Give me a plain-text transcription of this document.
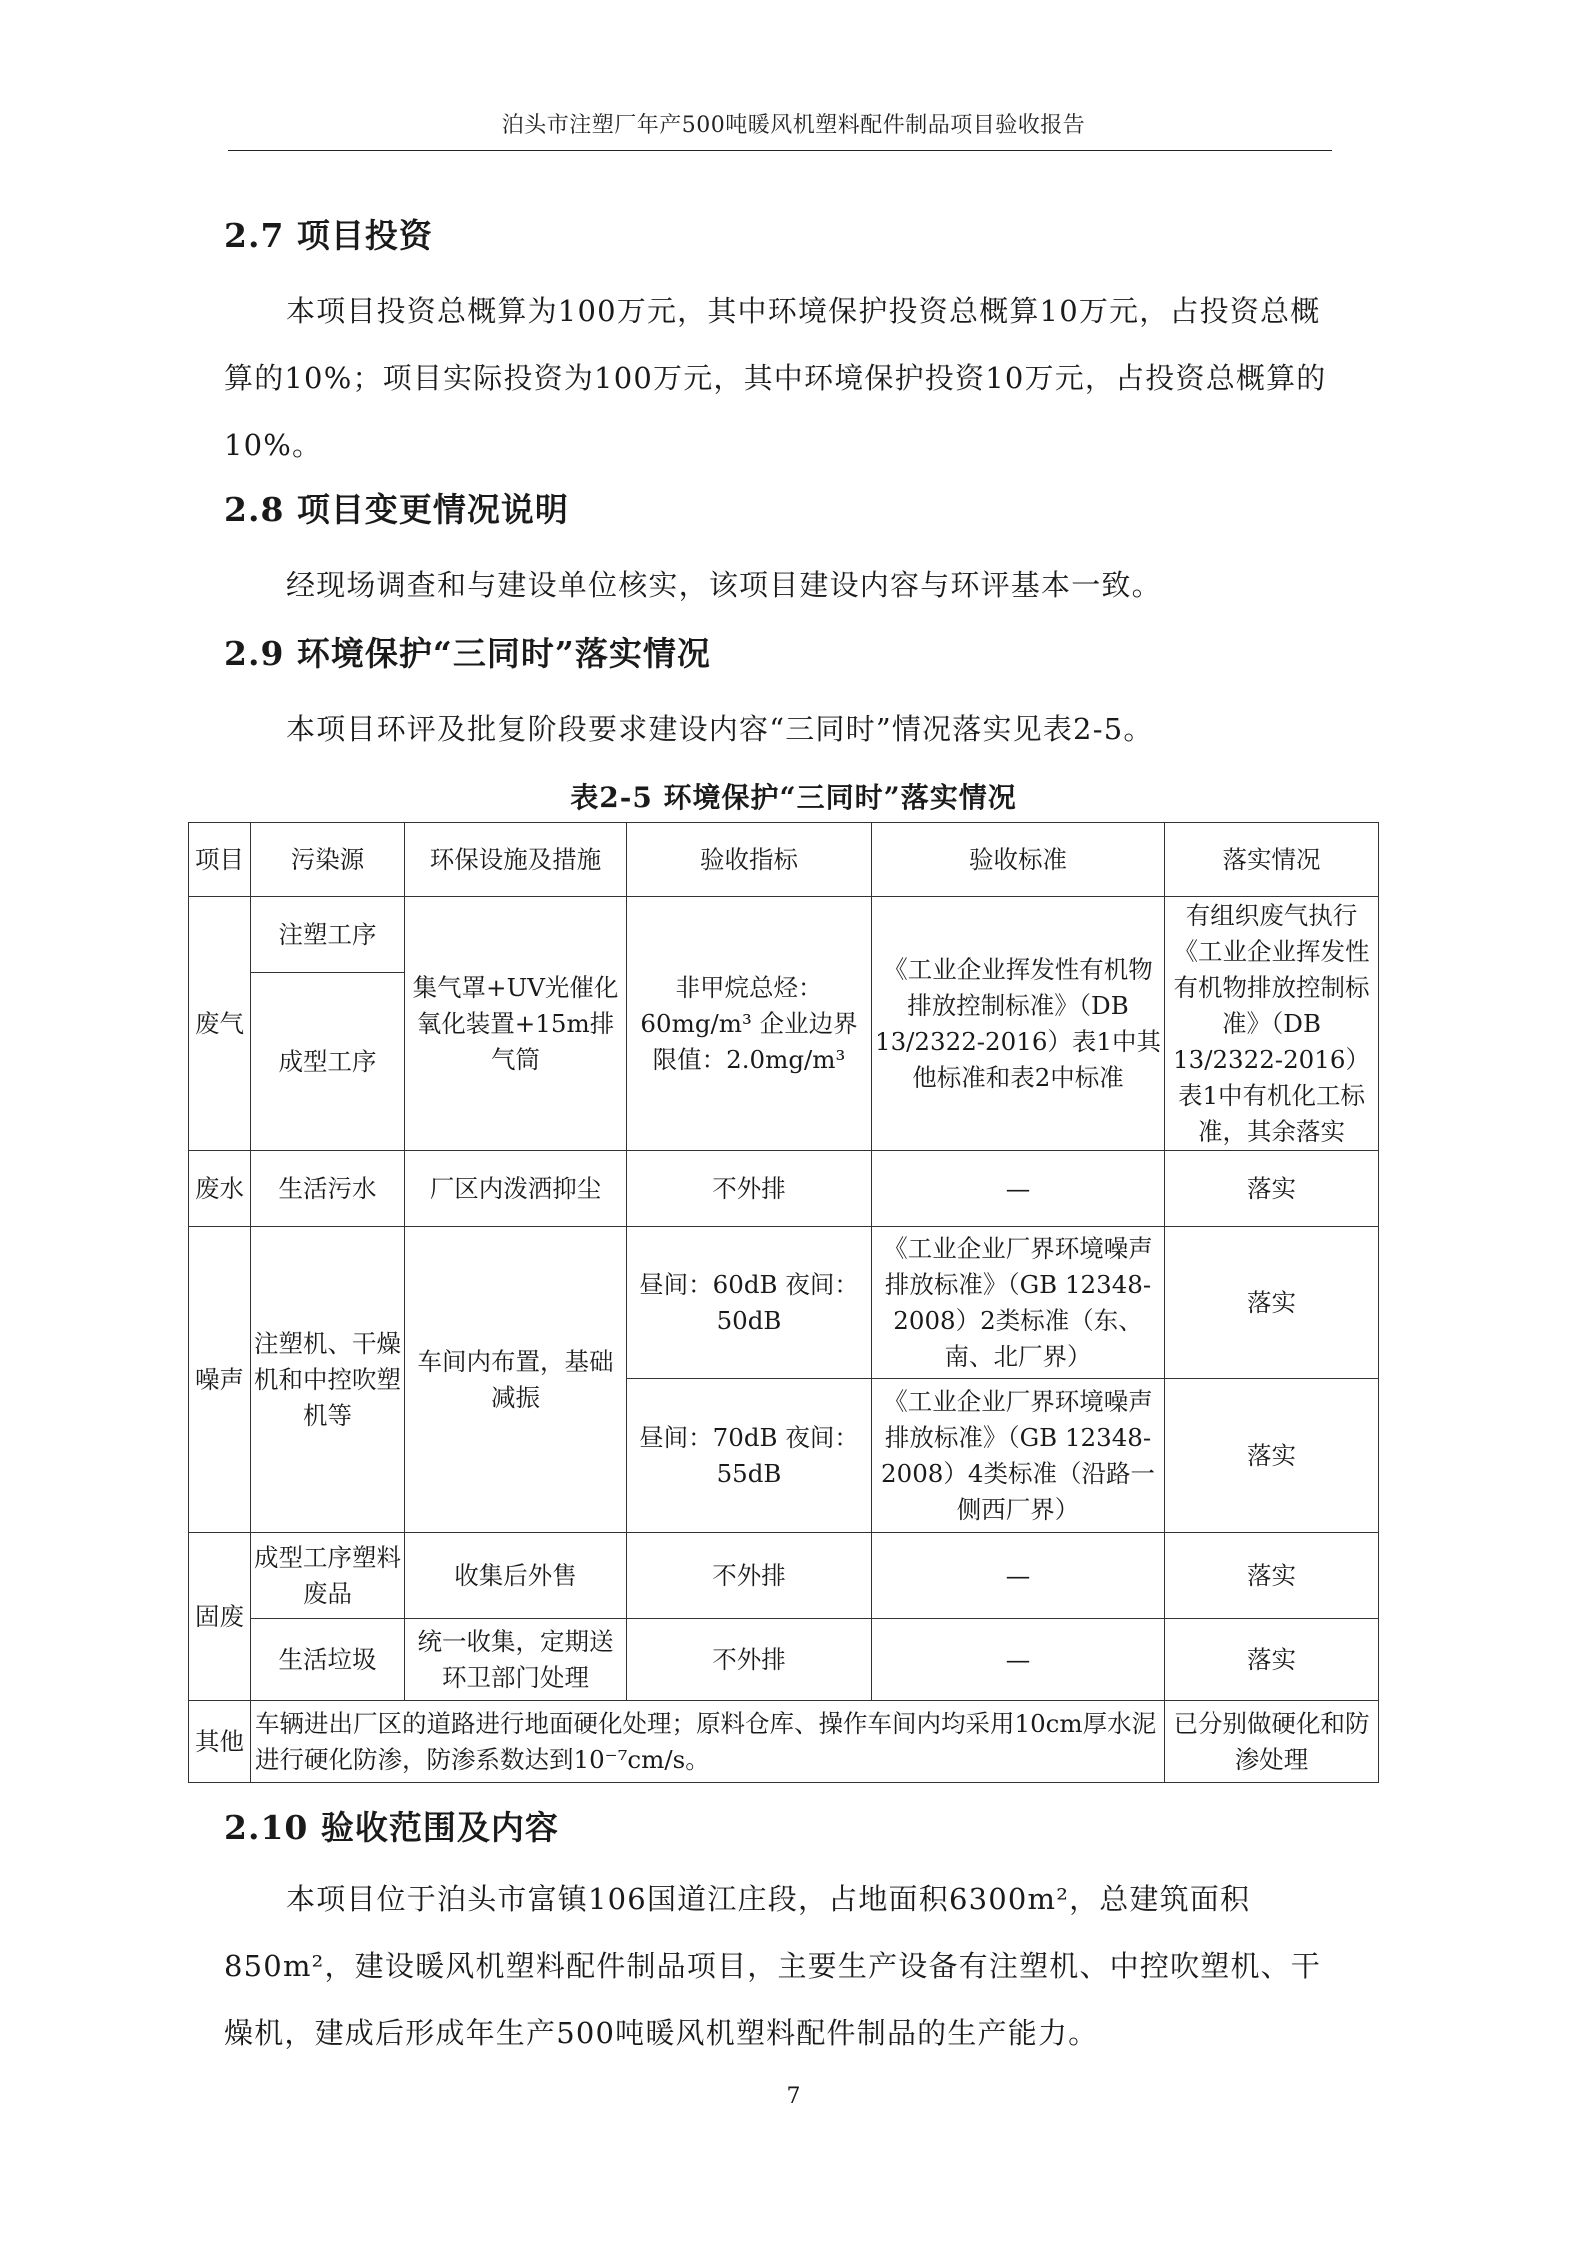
泊头市注塑厂年产500吨暖风机塑料配件制品项目验收报告
2.7 项目投资
本项目投资总概算为100万元，其中环境保护投资总概算10万元，占投资总概算的10%；项目实际投资为100万元，其中环境保护投资10万元，占投资总概算的10%。
2.8 项目变更情况说明
经现场调查和与建设单位核实，该项目建设内容与环评基本一致。
2.9 环境保护“三同时”落实情况
本项目环评及批复阶段要求建设内容“三同时”情况落实见表2-5。
表2-5 环境保护“三同时”落实情况
项目	污染源	环保设施及措施	验收指标	验收标准	落实情况
废气	注塑工序	集气罩+UV光催化氧化装置+15m排气筒	非甲烷总烃：60mg/m³ 企业边界限值：2.0mg/m³	《工业企业挥发性有机物排放控制标准》（DB 13/2322-2016）表1中其他标准和表2中标准	有组织废气执行《工业企业挥发性有机物排放控制标准》（DB 13/2322-2016）表1中有机化工标准，其余落实
	成型工序				
废水	生活污水	厂区内泼洒抑尘	不外排	—	落实
噪声	注塑机、干燥机和中控吹塑机等	车间内布置，基础减振	昼间：60dB 夜间：50dB	《工业企业厂界环境噪声排放标准》（GB 12348-2008）2类标准（东、南、北厂界）	落实
			昼间：70dB 夜间：55dB	《工业企业厂界环境噪声排放标准》（GB 12348-2008）4类标准（沿路一侧西厂界）	落实
固废	成型工序塑料废品	收集后外售	不外排	—	落实
	生活垃圾	统一收集，定期送环卫部门处理	不外排	—	落实
其他	车辆进出厂区的道路进行地面硬化处理；原料仓库、操作车间内均采用10cm厚水泥进行硬化防渗，防渗系数达到10⁻⁷cm/s。				已分别做硬化和防渗处理
2.10 验收范围及内容
本项目位于泊头市富镇106国道江庄段，占地面积6300m²，总建筑面积850m²，建设暖风机塑料配件制品项目，主要生产设备有注塑机、中控吹塑机、干燥机，建成后形成年生产500吨暖风机塑料配件制品的生产能力。
7
